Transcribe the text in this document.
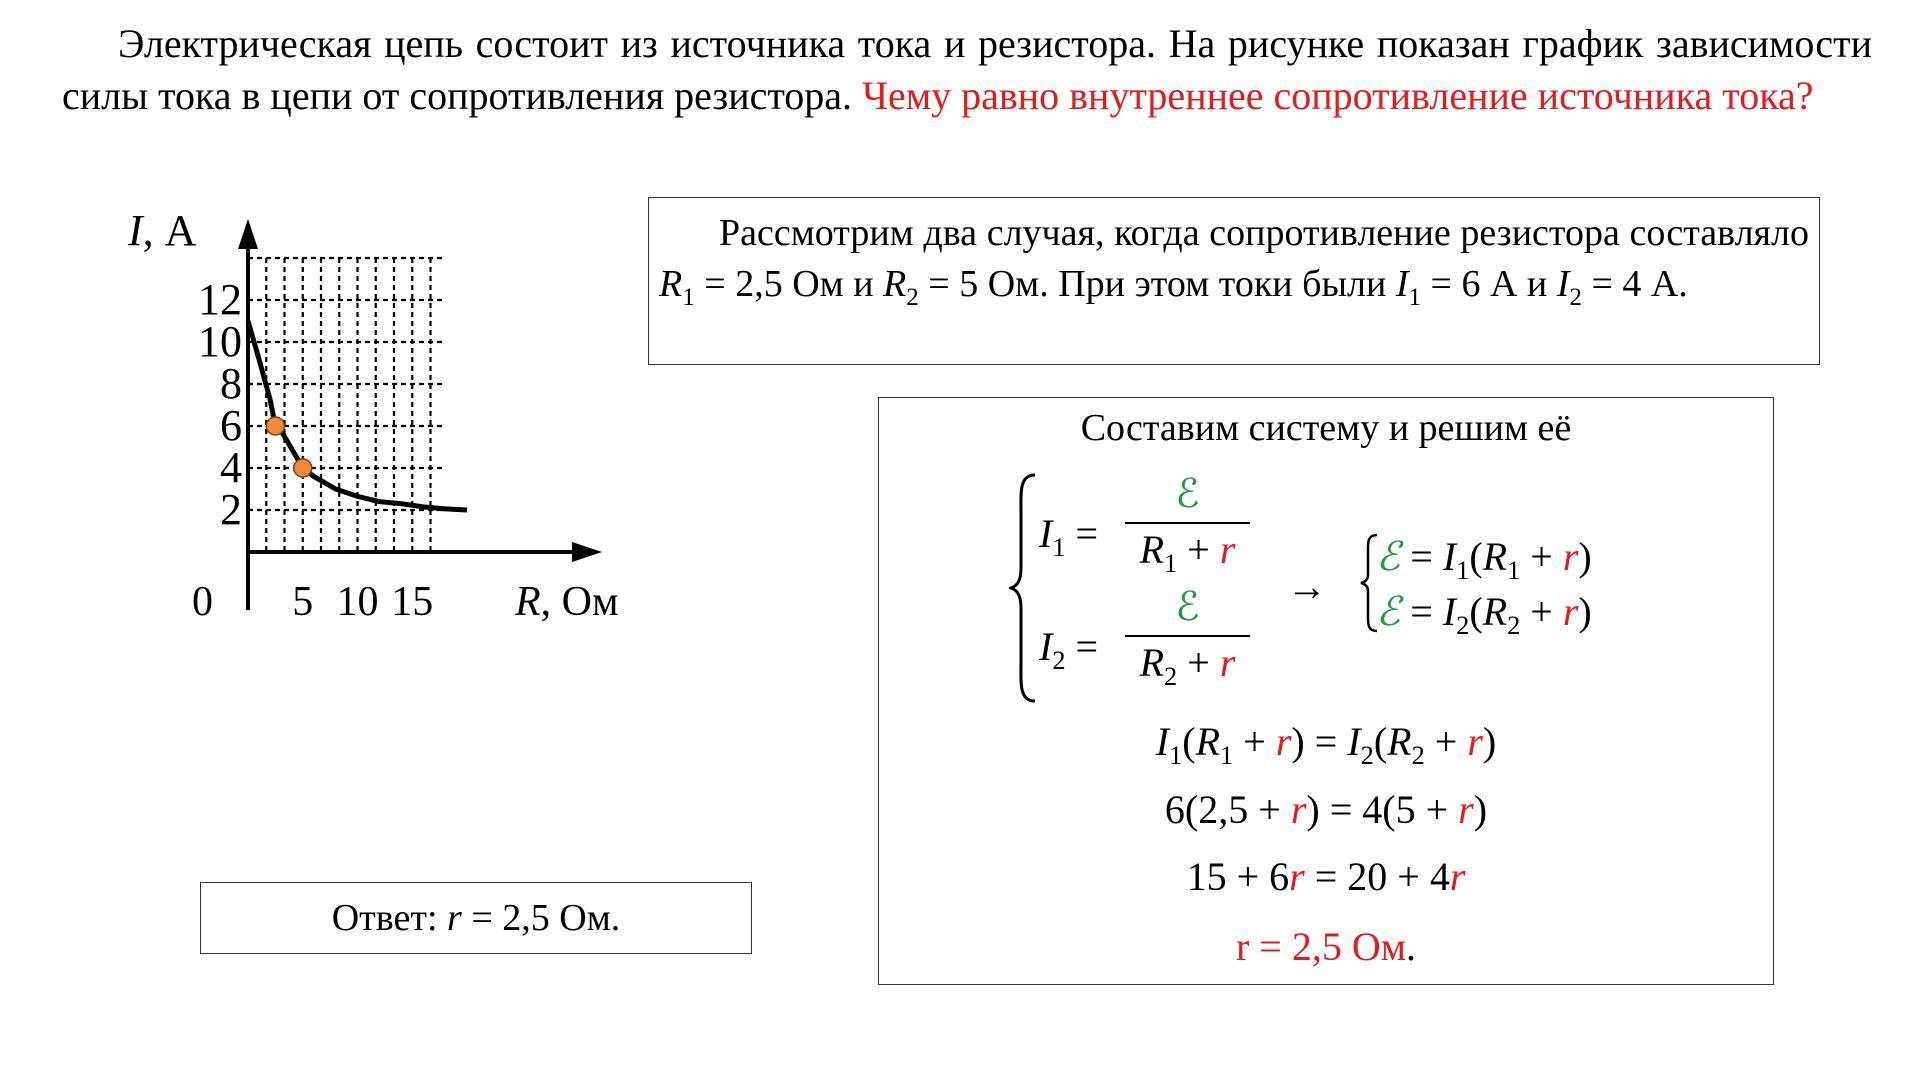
Электрическая цепь состоит из источника тока и резистора. На рисунке показан график зависимости силы тока в цепи от сопротивления резистора. Чему равно внутреннее сопротивление источника тока?

I, А
2
4
6
8
10
12
5 10 15
0	R, Ом
Рассмотрим два случая, когда сопротивление резистора составляло $R_1 = 2,5$ Ом и $R_2 = 5$ Ом. При этом токи были $I_1 = 6$ А и $I_2 = 4$ А.
Составим систему и решим её
$I_1$ =
ℰ
$R_1 + r$
$I_2$ =
ℰ
$R_2 + r$
→
ℰ = $I_1(R_1 + r)$
ℰ = $I_2(R_2 + r)$
$I_1(R_1 + r) = I_2(R_2 + r)$
6(2,5 + r) = 4(5 + r)
15 + 6r = 20 + 4r
r = 2,5 Ом.
Ответ: r = 2,5 Ом.
